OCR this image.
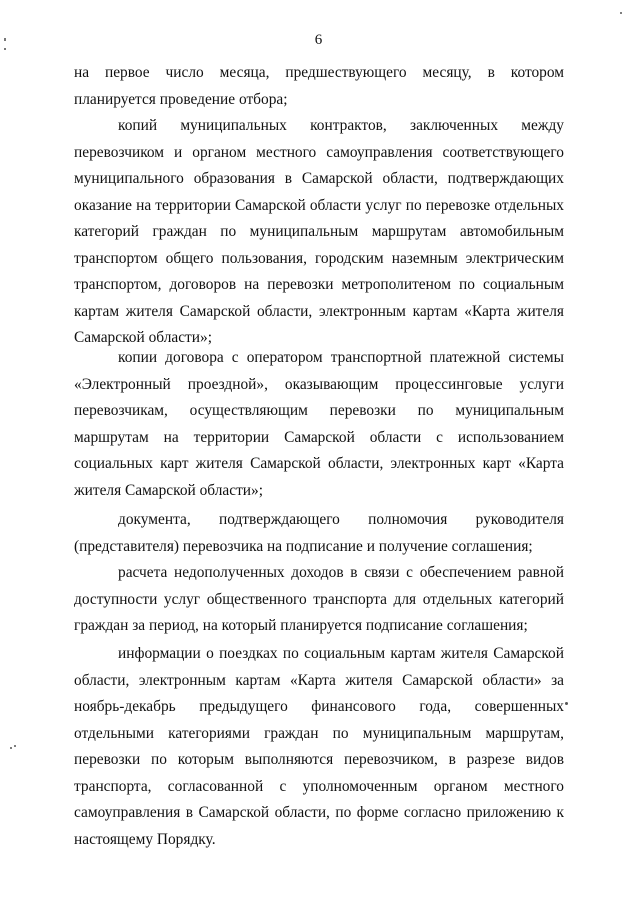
6

на первое число месяца, предшествующего месяцу, в котором планируется проведение отбора;

копий муниципальных контрактов, заключенных между перевозчиком и органом местного самоуправления соответствующего муниципального образования в Самарской области, подтверждающих оказание на территории Самарской области услуг по перевозке отдельных категорий граждан по муниципальным маршрутам автомобильным транспортом общего пользования, городским наземным электрическим транспортом, договоров на перевозки метрополитеном по социальным картам жителя Самарской области, электронным картам «Карта жителя Самарской области»;

копии договора с оператором транспортной платежной системы «Электронный проездной», оказывающим процессинговые услуги перевозчикам, осуществляющим перевозки по муниципальным маршрутам на территории Самарской области с использованием социальных карт жителя Самарской области, электронных карт «Карта жителя Самарской области»;

документа, подтверждающего полномочия руководителя (представителя) перевозчика на подписание и получение соглашения;

расчета недополученных доходов в связи с обеспечением равной доступности услуг общественного транспорта для отдельных категорий граждан за период, на который планируется подписание соглашения;

информации о поездках по социальным картам жителя Самарской области, электронным картам «Карта жителя Самарской области» за ноябрь-декабрь предыдущего финансового года, совершенных отдельными категориями граждан по муниципальным маршрутам, перевозки по которым выполняются перевозчиком, в разрезе видов транспорта, согласованной с уполномоченным органом местного самоуправления в Самарской области, по форме согласно приложению к настоящему Порядку.
